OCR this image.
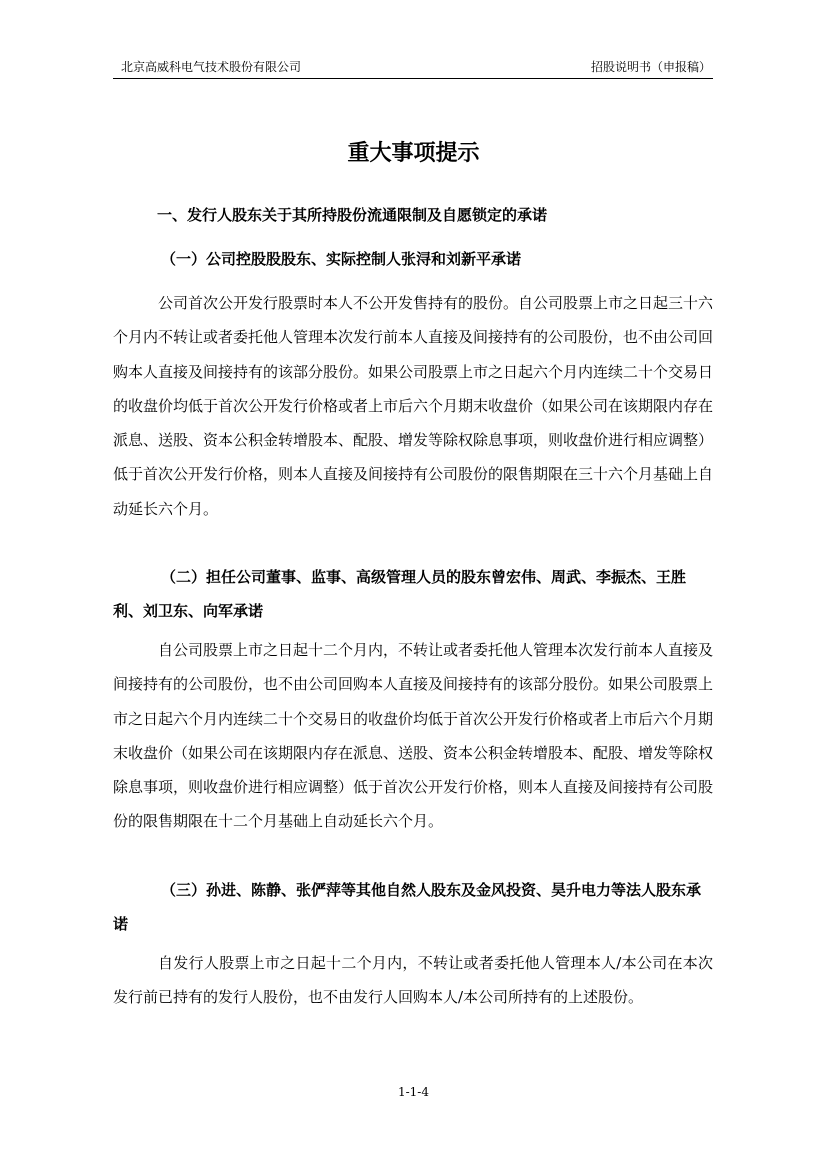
北京高威科电气技术股份有限公司	招股说明书（申报稿）
重大事项提示
一、发行人股东关于其所持股份流通限制及自愿锁定的承诺
（一）公司控股股股东、实际控制人张浔和刘新平承诺
公司首次公开发行股票时本人不公开发售持有的股份。自公司股票上市之日起三十六个月内不转让或者委托他人管理本次发行前本人直接及间接持有的公司股份，也不由公司回购本人直接及间接持有的该部分股份。如果公司股票上市之日起六个月内连续二十个交易日的收盘价均低于首次公开发行价格或者上市后六个月期末收盘价（如果公司在该期限内存在派息、送股、资本公积金转增股本、配股、增发等除权除息事项，则收盘价进行相应调整）低于首次公开发行价格，则本人直接及间接持有公司股份的限售期限在三十六个月基础上自动延长六个月。
（二）担任公司董事、监事、高级管理人员的股东曾宏伟、周武、李振杰、王胜利、刘卫东、向军承诺
自公司股票上市之日起十二个月内，不转让或者委托他人管理本次发行前本人直接及间接持有的公司股份，也不由公司回购本人直接及间接持有的该部分股份。如果公司股票上市之日起六个月内连续二十个交易日的收盘价均低于首次公开发行价格或者上市后六个月期末收盘价（如果公司在该期限内存在派息、送股、资本公积金转增股本、配股、增发等除权除息事项，则收盘价进行相应调整）低于首次公开发行价格，则本人直接及间接持有公司股份的限售期限在十二个月基础上自动延长六个月。
（三）孙进、陈静、张俨萍等其他自然人股东及金风投资、昊升电力等法人股东承诺
自发行人股票上市之日起十二个月内，不转让或者委托他人管理本人/本公司在本次发行前已持有的发行人股份，也不由发行人回购本人/本公司所持有的上述股份。
1-1-4
